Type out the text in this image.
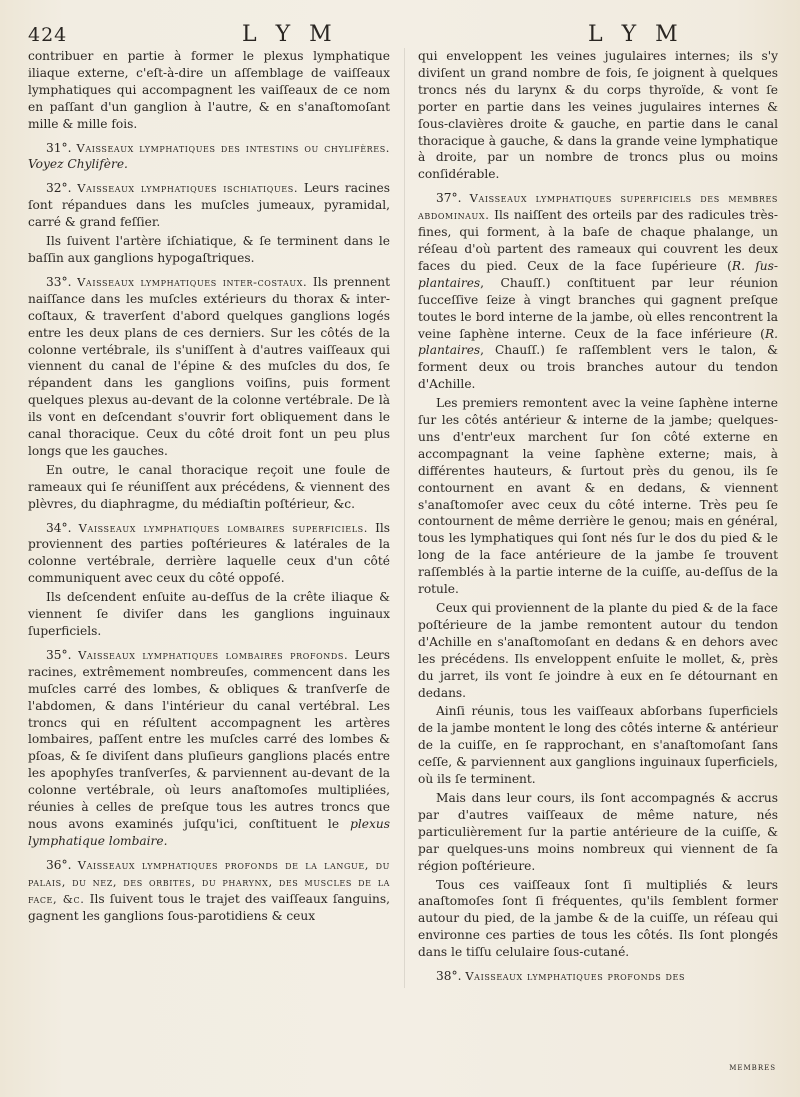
424	L Y M	L Y M

contribuer en partie à former le plexus lymphatique iliaque externe, c'eſt-à-dire un aſſemblage de vaiſſeaux lymphatiques qui accompagnent les vaiſſeaux de ce nom en paſſant d'un ganglion à l'autre, & en s'anaſtomoſant mille & mille fois.

31°. Vaisseaux lymphatiques des intestins ou chylifères. Voyez Chylifère.

32°. Vaisseaux lymphatiques ischiatiques. Leurs racines ſont répandues dans les muſcles jumeaux, pyramidal, carré & grand feſſier.

Ils ſuivent l'artère iſchiatique, & ſe terminent dans le baſſin aux ganglions hypogaſtriques.

33°. Vaisseaux lymphatiques inter-costaux. Ils prennent naiſſance dans les muſcles extérieurs du thorax & inter-coſtaux, & traverſent d'abord quelques ganglions logés entre les deux plans de ces derniers. Sur les côtés de la colonne vertébrale, ils s'uniſſent à d'autres vaiſſeaux qui viennent du canal de l'épine & des muſcles du dos, ſe répandent dans les ganglions voiſins, puis forment quelques plexus au-devant de la colonne vertébrale. De là ils vont en deſcendant s'ouvrir fort obliquement dans le canal thoracique. Ceux du côté droit font un peu plus longs que les gauches.

En outre, le canal thoracique reçoit une foule de rameaux qui ſe réuniſſent aux précédens, & viennent des plèvres, du diaphragme, du médiaſtin poſtérieur, &c.

34°. Vaisseaux lymphatiques lombaires superficiels. Ils proviennent des parties poſtérieures & latérales de la colonne vertébrale, derrière laquelle ceux d'un côté communiquent avec ceux du côté oppoſé.

Ils deſcendent enſuite au-deſſus de la crête iliaque & viennent ſe diviſer dans les ganglions inguinaux ſuperficiels.

35°. Vaisseaux lymphatiques lombaires profonds. Leurs racines, extrêmement nombreuſes, commencent dans les muſcles carré des lombes, & obliques & tranſverſe de l'abdomen, & dans l'intérieur du canal vertébral. Les troncs qui en réſultent accompagnent les artères lombaires, paſſent entre les muſcles carré des lombes & pſoas, & ſe diviſent dans pluſieurs ganglions placés entre les apophyſes tranſverſes, & parviennent au-devant de la colonne vertébrale, où leurs anaſtomoſes multipliées, réunies à celles de preſque tous les autres troncs que nous avons examinés juſqu'ici, conſtituent le plexus lymphatique lombaire.

36°. Vaisseaux lymphatiques profonds de la langue, du palais, du nez, des orbites, du pharynx, des muscles de la face, &c. Ils ſuivent tous le trajet des vaiſſeaux ſanguins, gagnent les ganglions ſous-parotidiens & ceux

qui enveloppent les veines jugulaires internes; ils s'y diviſent un grand nombre de fois, ſe joignent à quelques troncs nés du larynx & du corps thyroïde, & vont ſe porter en partie dans les veines jugulaires internes & ſous-clavières droite & gauche, en partie dans le canal thoracique à gauche, & dans la grande veine lymphatique à droite, par un nombre de troncs plus ou moins conſidérable.

37°. Vaisseaux lymphatiques superficiels des membres abdominaux. Ils naiſſent des orteils par des radicules très-fines, qui forment, à la baſe de chaque phalange, un réſeau d'où partent des rameaux qui couvrent les deux faces du pied. Ceux de la face ſupérieure (R. ſus-plantaires, Chauſſ.) conſtituent par leur réunion ſucceſſive ſeize à vingt branches qui gagnent preſque toutes le bord interne de la jambe, où elles rencontrent la veine ſaphène interne. Ceux de la face inférieure (R. plantaires, Chauſſ.) ſe raſſemblent vers le talon, & forment deux ou trois branches autour du tendon d'Achille.

Les premiers remontent avec la veine ſaphène interne ſur les côtés antérieur & interne de la jambe; quelques-uns d'entr'eux marchent ſur ſon côté externe en accompagnant la veine ſaphène externe; mais, à différentes hauteurs, & ſurtout près du genou, ils ſe contournent en avant & en dedans, & viennent s'anaſtomoſer avec ceux du côté interne. Très peu ſe contournent de même derrière le genou; mais en général, tous les lymphatiques qui ſont nés ſur le dos du pied & le long de la face antérieure de la jambe ſe trouvent raſſemblés à la partie interne de la cuiſſe, au-deſſus de la rotule.

Ceux qui proviennent de la plante du pied & de la face poſtérieure de la jambe remontent autour du tendon d'Achille en s'anaſtomoſant en dedans & en dehors avec les précédens. Ils enveloppent enſuite le mollet, &, près du jarret, ils vont ſe joindre à eux en ſe détournant en dedans.

Ainſi réunis, tous les vaiſſeaux abſorbans ſuperficiels de la jambe montent le long des côtés interne & antérieur de la cuiſſe, en ſe rapprochant, en s'anaſtomoſant ſans ceſſe, & parviennent aux ganglions inguinaux ſuperficiels, où ils ſe terminent.

Mais dans leur cours, ils ſont accompagnés & accrus par d'autres vaiſſeaux de même nature, nés particulièrement ſur la partie antérieure de la cuiſſe, & par quelques-uns moins nombreux qui viennent de ſa région poſtérieure.

Tous ces vaiſſeaux ſont ſi multipliés & leurs anaſtomoſes ſont ſi fréquentes, qu'ils ſemblent former autour du pied, de la jambe & de la cuiſſe, un réſeau qui environne ces parties de tous les côtés. Ils ſont plongés dans le tiſſu celulaire ſous-cutané.

38°. Vaisseaux lymphatiques profonds des

membres
